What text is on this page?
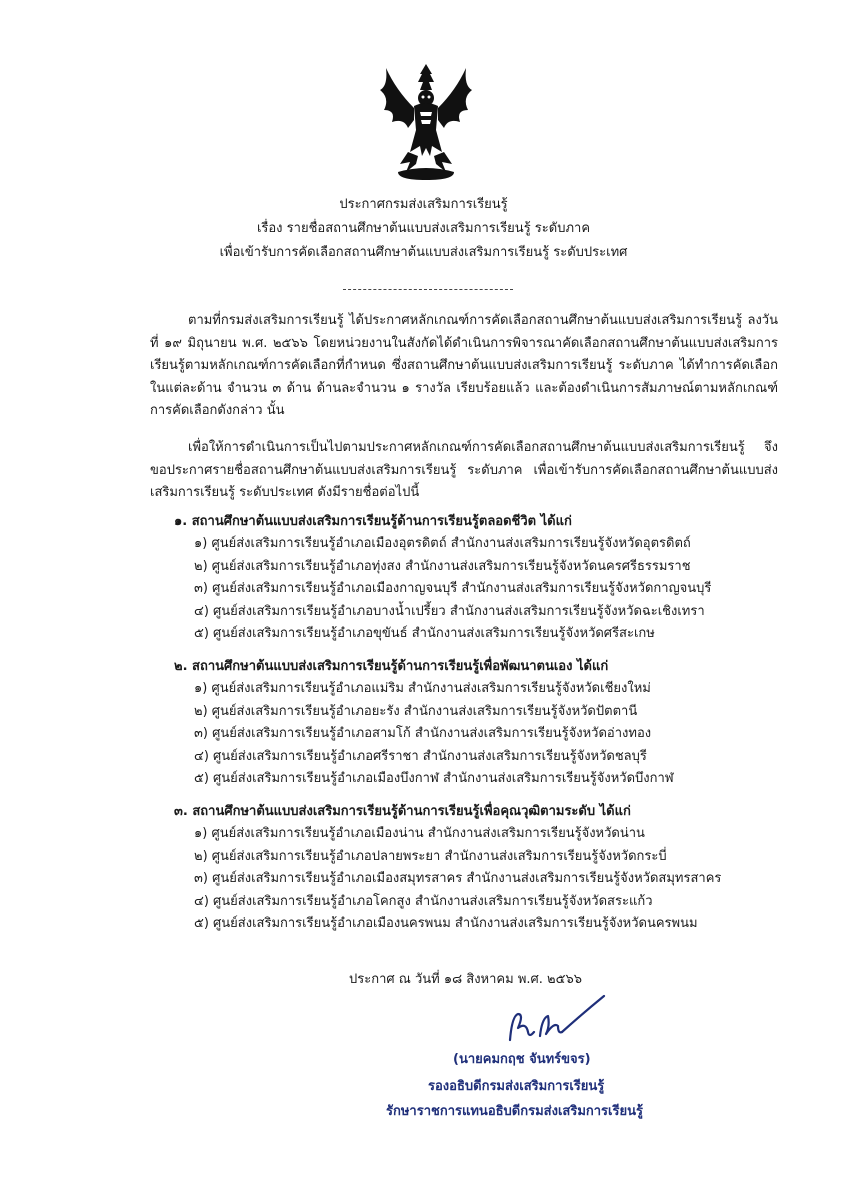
ประกาศกรมส่งเสริมการเรียนรู้
เรื่อง รายชื่อสถานศึกษาต้นแบบส่งเสริมการเรียนรู้ ระดับภาค
เพื่อเข้ารับการคัดเลือกสถานศึกษาต้นแบบส่งเสริมการเรียนรู้ ระดับประเทศ

ตามที่กรมส่งเสริมการเรียนรู้ ได้ประกาศหลักเกณฑ์การคัดเลือกสถานศึกษาต้นแบบส่งเสริมการเรียนรู้ ลงวันที่ ๑๙ มิถุนายน พ.ศ. ๒๕๖๖ โดยหน่วยงานในสังกัดได้ดำเนินการพิจารณาคัดเลือกสถานศึกษาต้นแบบส่งเสริมการเรียนรู้ตามหลักเกณฑ์การคัดเลือกที่กำหนด ซึ่งสถานศึกษาต้นแบบส่งเสริมการเรียนรู้ ระดับภาค ได้ทำการคัดเลือกในแต่ละด้าน จำนวน ๓ ด้าน ด้านละจำนวน ๑ รางวัล เรียบร้อยแล้ว และต้องดำเนินการสัมภาษณ์ตามหลักเกณฑ์การคัดเลือกดังกล่าว นั้น

เพื่อให้การดำเนินการเป็นไปตามประกาศหลักเกณฑ์การคัดเลือกสถานศึกษาต้นแบบส่งเสริมการเรียนรู้ จึงขอประกาศรายชื่อสถานศึกษาต้นแบบส่งเสริมการเรียนรู้ ระดับภาค เพื่อเข้ารับการคัดเลือกสถานศึกษาต้นแบบส่งเสริมการเรียนรู้ ระดับประเทศ ดังมีรายชื่อต่อไปนี้

๑. สถานศึกษาต้นแบบส่งเสริมการเรียนรู้ด้านการเรียนรู้ตลอดชีวิต ได้แก่
๑) ศูนย์ส่งเสริมการเรียนรู้อำเภอเมืองอุตรดิตถ์ สำนักงานส่งเสริมการเรียนรู้จังหวัดอุตรดิตถ์
๒) ศูนย์ส่งเสริมการเรียนรู้อำเภอทุ่งสง สำนักงานส่งเสริมการเรียนรู้จังหวัดนครศรีธรรมราช
๓) ศูนย์ส่งเสริมการเรียนรู้อำเภอเมืองกาญจนบุรี สำนักงานส่งเสริมการเรียนรู้จังหวัดกาญจนบุรี
๔) ศูนย์ส่งเสริมการเรียนรู้อำเภอบางน้ำเปรี้ยว สำนักงานส่งเสริมการเรียนรู้จังหวัดฉะเชิงเทรา
๕) ศูนย์ส่งเสริมการเรียนรู้อำเภอขุขันธ์ สำนักงานส่งเสริมการเรียนรู้จังหวัดศรีสะเกษ
๒. สถานศึกษาต้นแบบส่งเสริมการเรียนรู้ด้านการเรียนรู้เพื่อพัฒนาตนเอง ได้แก่
๑) ศูนย์ส่งเสริมการเรียนรู้อำเภอแม่ริม สำนักงานส่งเสริมการเรียนรู้จังหวัดเชียงใหม่
๒) ศูนย์ส่งเสริมการเรียนรู้อำเภอยะรัง สำนักงานส่งเสริมการเรียนรู้จังหวัดปัตตานี
๓) ศูนย์ส่งเสริมการเรียนรู้อำเภอสามโก้ สำนักงานส่งเสริมการเรียนรู้จังหวัดอ่างทอง
๔) ศูนย์ส่งเสริมการเรียนรู้อำเภอศรีราชา สำนักงานส่งเสริมการเรียนรู้จังหวัดชลบุรี
๕) ศูนย์ส่งเสริมการเรียนรู้อำเภอเมืองบึงกาฬ สำนักงานส่งเสริมการเรียนรู้จังหวัดบึงกาฬ
๓. สถานศึกษาต้นแบบส่งเสริมการเรียนรู้ด้านการเรียนรู้เพื่อคุณวุฒิตามระดับ ได้แก่
๑) ศูนย์ส่งเสริมการเรียนรู้อำเภอเมืองน่าน สำนักงานส่งเสริมการเรียนรู้จังหวัดน่าน
๒) ศูนย์ส่งเสริมการเรียนรู้อำเภอปลายพระยา สำนักงานส่งเสริมการเรียนรู้จังหวัดกระบี่
๓) ศูนย์ส่งเสริมการเรียนรู้อำเภอเมืองสมุทรสาคร สำนักงานส่งเสริมการเรียนรู้จังหวัดสมุทรสาคร
๔) ศูนย์ส่งเสริมการเรียนรู้อำเภอโคกสูง สำนักงานส่งเสริมการเรียนรู้จังหวัดสระแก้ว
๕) ศูนย์ส่งเสริมการเรียนรู้อำเภอเมืองนครพนม สำนักงานส่งเสริมการเรียนรู้จังหวัดนครพนม
ประกาศ ณ วันที่ ๑๘ สิงหาคม พ.ศ. ๒๕๖๖
(นายคมกฤช จันทร์ขจร)
รองอธิบดีกรมส่งเสริมการเรียนรู้
รักษาราชการแทนอธิบดีกรมส่งเสริมการเรียนรู้
